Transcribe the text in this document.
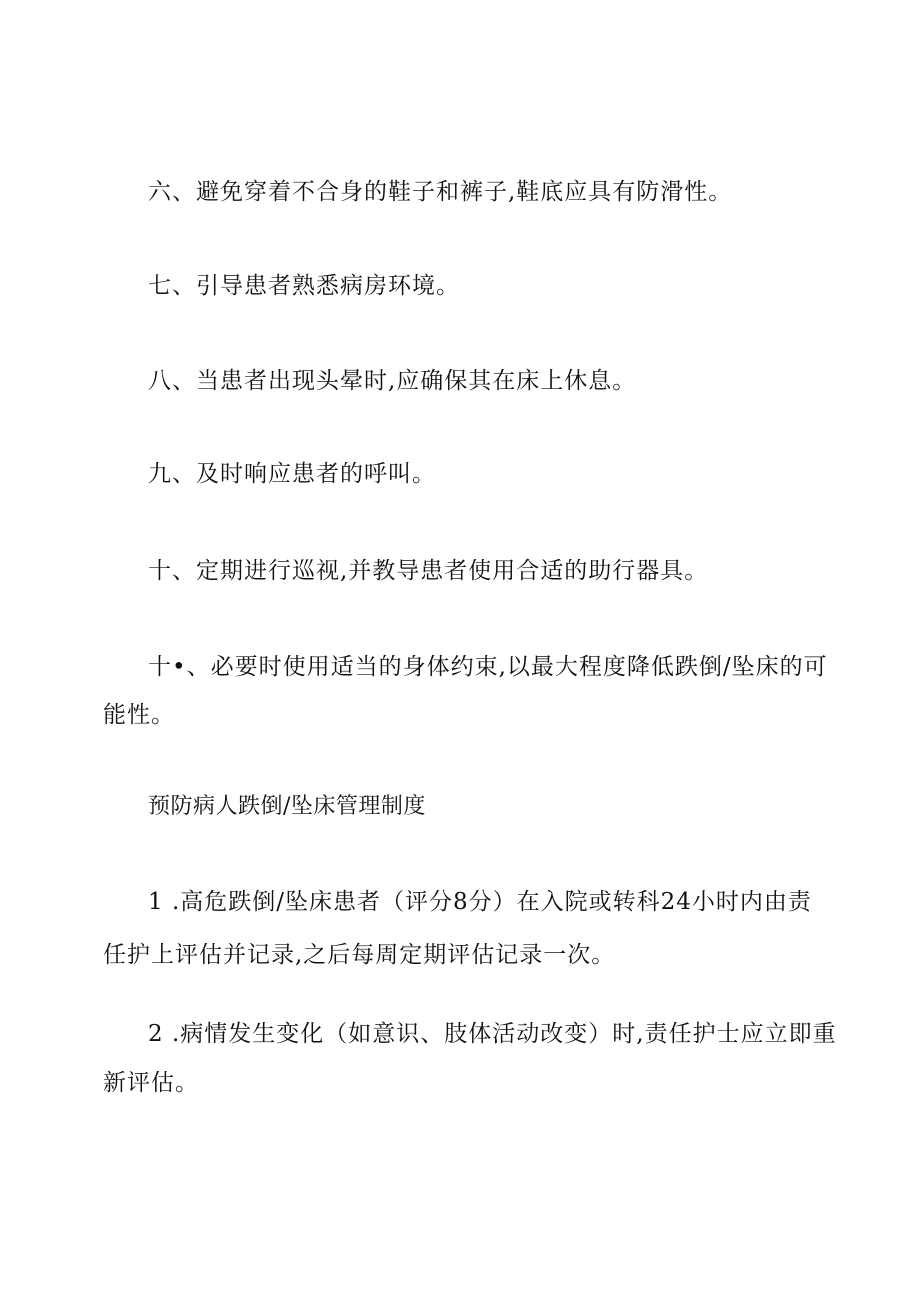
六、避免穿着不合身的鞋子和裤子,鞋底应具有防滑性。
七、引导患者熟悉病房环境。
八、当患者出现头晕时,应确保其在床上休息。
九、及时响应患者的呼叫。
十、定期进行巡视,并教导患者使用合适的助行器具。
十•、必要时使用适当的身体约束,以最大程度降低跌倒/坠床的可
能性。
预防病人跌倒/坠床管理制度
1 .高危跌倒/坠床患者（评分8分）在入院或转科24小时内由责
任护上评估并记录,之后每周定期评估记录一次。
2 .病情发生变化（如意识、肢体活动改变）时,责任护士应立即重
新评估。
